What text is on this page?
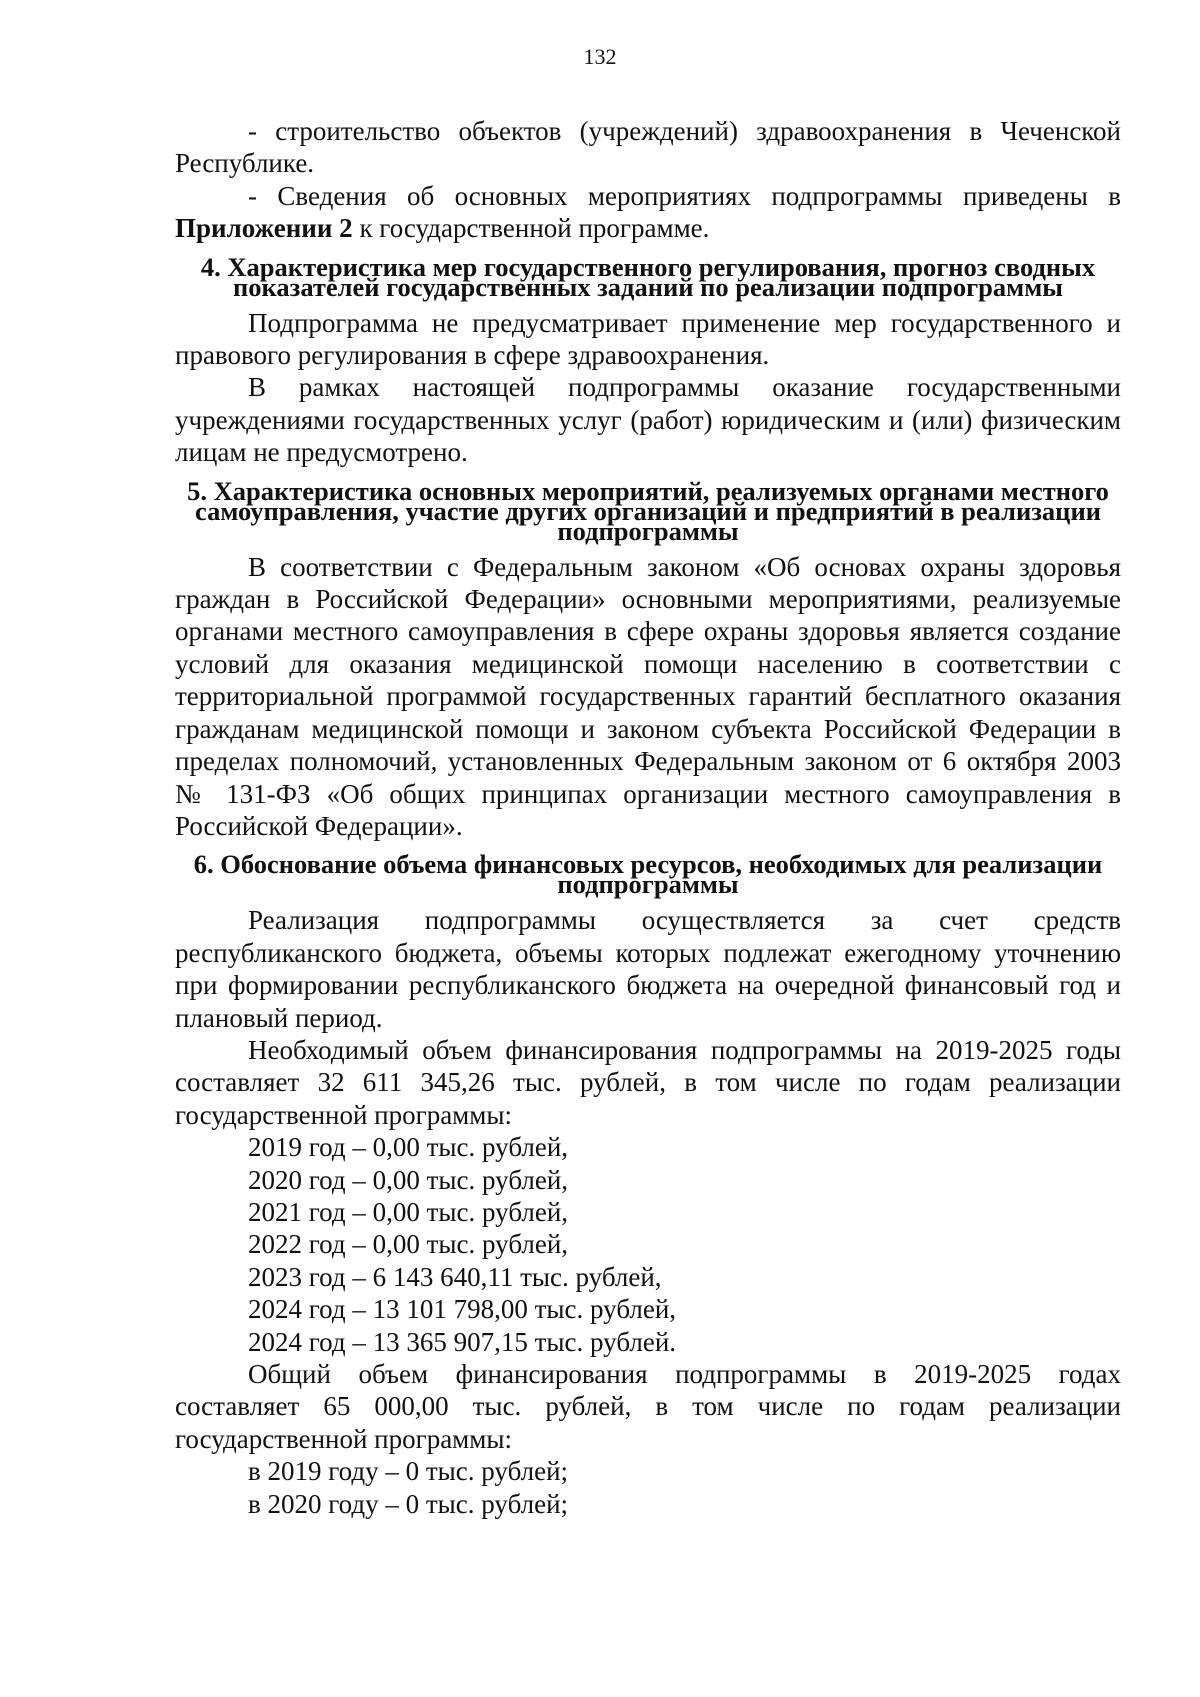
132

- строительство объектов (учреждений) здравоохранения в Чеченской Республике.

- Сведения об основных мероприятиях подпрограммы приведены в Приложении 2 к государственной программе.

4. Характеристика мер государственного регулирования, прогноз сводных показателей государственных заданий по реализации подпрограммы

Подпрограмма не предусматривает применение мер государственного и правового регулирования в сфере здравоохранения.

В рамках настоящей подпрограммы оказание государственными учреждениями государственных услуг (работ) юридическим и (или) физическим лицам не предусмотрено.

5. Характеристика основных мероприятий, реализуемых органами местного самоуправления, участие других организаций и предприятий в реализации подпрограммы

В соответствии с Федеральным законом «Об основах охраны здоровья граждан в Российской Федерации» основными мероприятиями, реализуемые органами местного самоуправления в сфере охраны здоровья является создание условий для оказания медицинской помощи населению в соответствии с территориальной программой государственных гарантий бесплатного оказания гражданам медицинской помощи и законом субъекта Российской Федерации в пределах полномочий, установленных Федеральным законом от 6 октября 2003 № 131-ФЗ «Об общих принципах организации местного самоуправления в Российской Федерации».

6. Обоснование объема финансовых ресурсов, необходимых для реализации подпрограммы

Реализация подпрограммы осуществляется за счет средств республиканского бюджета, объемы которых подлежат ежегодному уточнению при формировании республиканского бюджета на очередной финансовый год и плановый период.

Необходимый объем финансирования подпрограммы на 2019-2025 годы составляет 32 611 345,26 тыс. рублей, в том числе по годам реализации государственной программы:

2019 год – 0,00 тыс. рублей,
2020 год – 0,00 тыс. рублей,
2021 год – 0,00 тыс. рублей,
2022 год – 0,00 тыс. рублей,
2023 год – 6 143 640,11 тыс. рублей,
2024 год – 13 101 798,00 тыс. рублей,
2024 год – 13 365 907,15 тыс. рублей.

Общий объем финансирования подпрограммы в 2019-2025 годах составляет 65 000,00 тыс. рублей, в том числе по годам реализации государственной программы:

в 2019 году – 0 тыс. рублей;
в 2020 году – 0 тыс. рублей;
